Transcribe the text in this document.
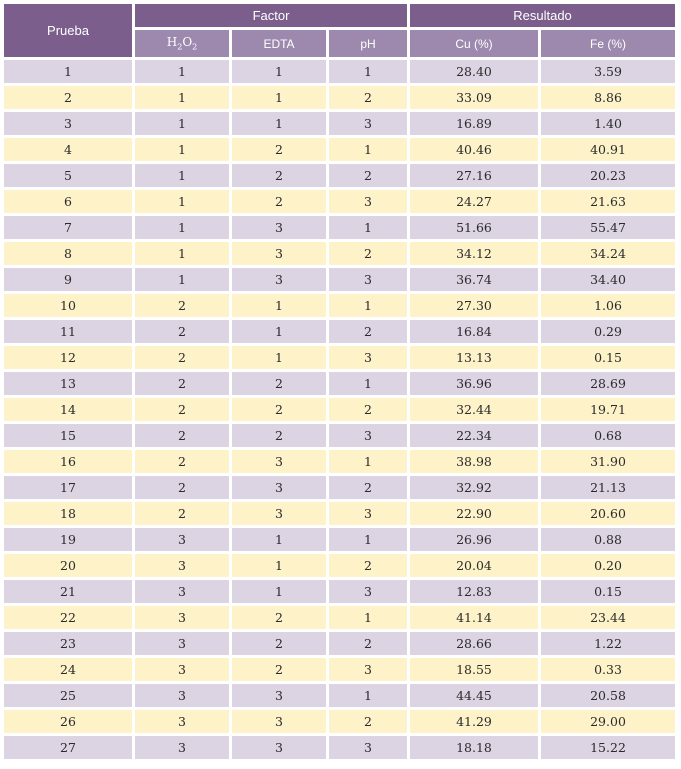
Prueba	Factor			Resultado	
	$H_2O_2$	EDTA	pH	Cu (%)	Fe (%)
1	1	1	1	28.40	3.59
2	1	1	2	33.09	8.86
3	1	1	3	16.89	1.40
4	1	2	1	40.46	40.91
5	1	2	2	27.16	20.23
6	1	2	3	24.27	21.63
7	1	3	1	51.66	55.47
8	1	3	2	34.12	34.24
9	1	3	3	36.74	34.40
10	2	1	1	27.30	1.06
11	2	1	2	16.84	0.29
12	2	1	3	13.13	0.15
13	2	2	1	36.96	28.69
14	2	2	2	32.44	19.71
15	2	2	3	22.34	0.68
16	2	3	1	38.98	31.90
17	2	3	2	32.92	21.13
18	2	3	3	22.90	20.60
19	3	1	1	26.96	0.88
20	3	1	2	20.04	0.20
21	3	1	3	12.83	0.15
22	3	2	1	41.14	23.44
23	3	2	2	28.66	1.22
24	3	2	3	18.55	0.33
25	3	3	1	44.45	20.58
26	3	3	2	41.29	29.00
27	3	3	3	18.18	15.22
